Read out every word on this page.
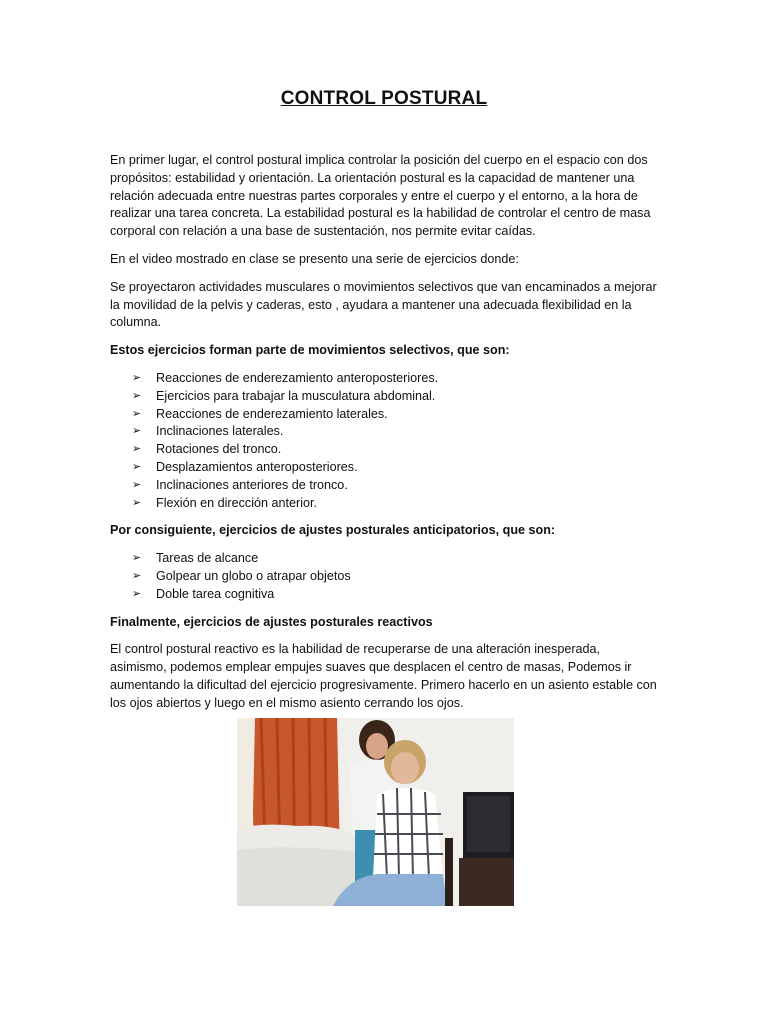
CONTROL POSTURAL

En primer lugar, el control postural implica controlar la posición del cuerpo en el espacio con dos propósitos: estabilidad y orientación. La orientación postural es la capacidad de mantener una relación adecuada entre nuestras partes corporales y entre el cuerpo y el entorno, a la hora de realizar una tarea concreta. La estabilidad postural es la habilidad de controlar el centro de masa corporal con relación a una base de sustentación, nos permite evitar caídas.

En el video mostrado en clase se presento una serie de ejercicios donde:

Se proyectaron actividades musculares o movimientos selectivos que van encaminados a mejorar la movilidad de la pelvis y caderas, esto , ayudara a mantener una adecuada flexibilidad en la columna.

Estos ejercicios forman parte de movimientos selectivos, que son:

➢ Reacciones de enderezamiento anteroposteriores.
➢ Ejercicios para trabajar la musculatura abdominal.
➢ Reacciones de enderezamiento laterales.
➢ Inclinaciones laterales.
➢ Rotaciones del tronco.
➢ Desplazamientos anteroposteriores.
➢ Inclinaciones anteriores de tronco.
➢ Flexión en dirección anterior.

Por consiguiente, ejercicios de ajustes posturales anticipatorios, que son:

➢ Tareas de alcance
➢ Golpear un globo o atrapar objetos
➢ Doble tarea cognitiva

Finalmente, ejercicios de ajustes posturales reactivos

El control postural reactivo es la habilidad de recuperarse de una alteración inesperada, asimismo, podemos emplear empujes suaves que desplacen el centro de masas, Podemos ir aumentando la dificultad del ejercicio progresivamente. Primero hacerlo en un asiento estable con los ojos abiertos y luego en el mismo asiento cerrando los ojos.
